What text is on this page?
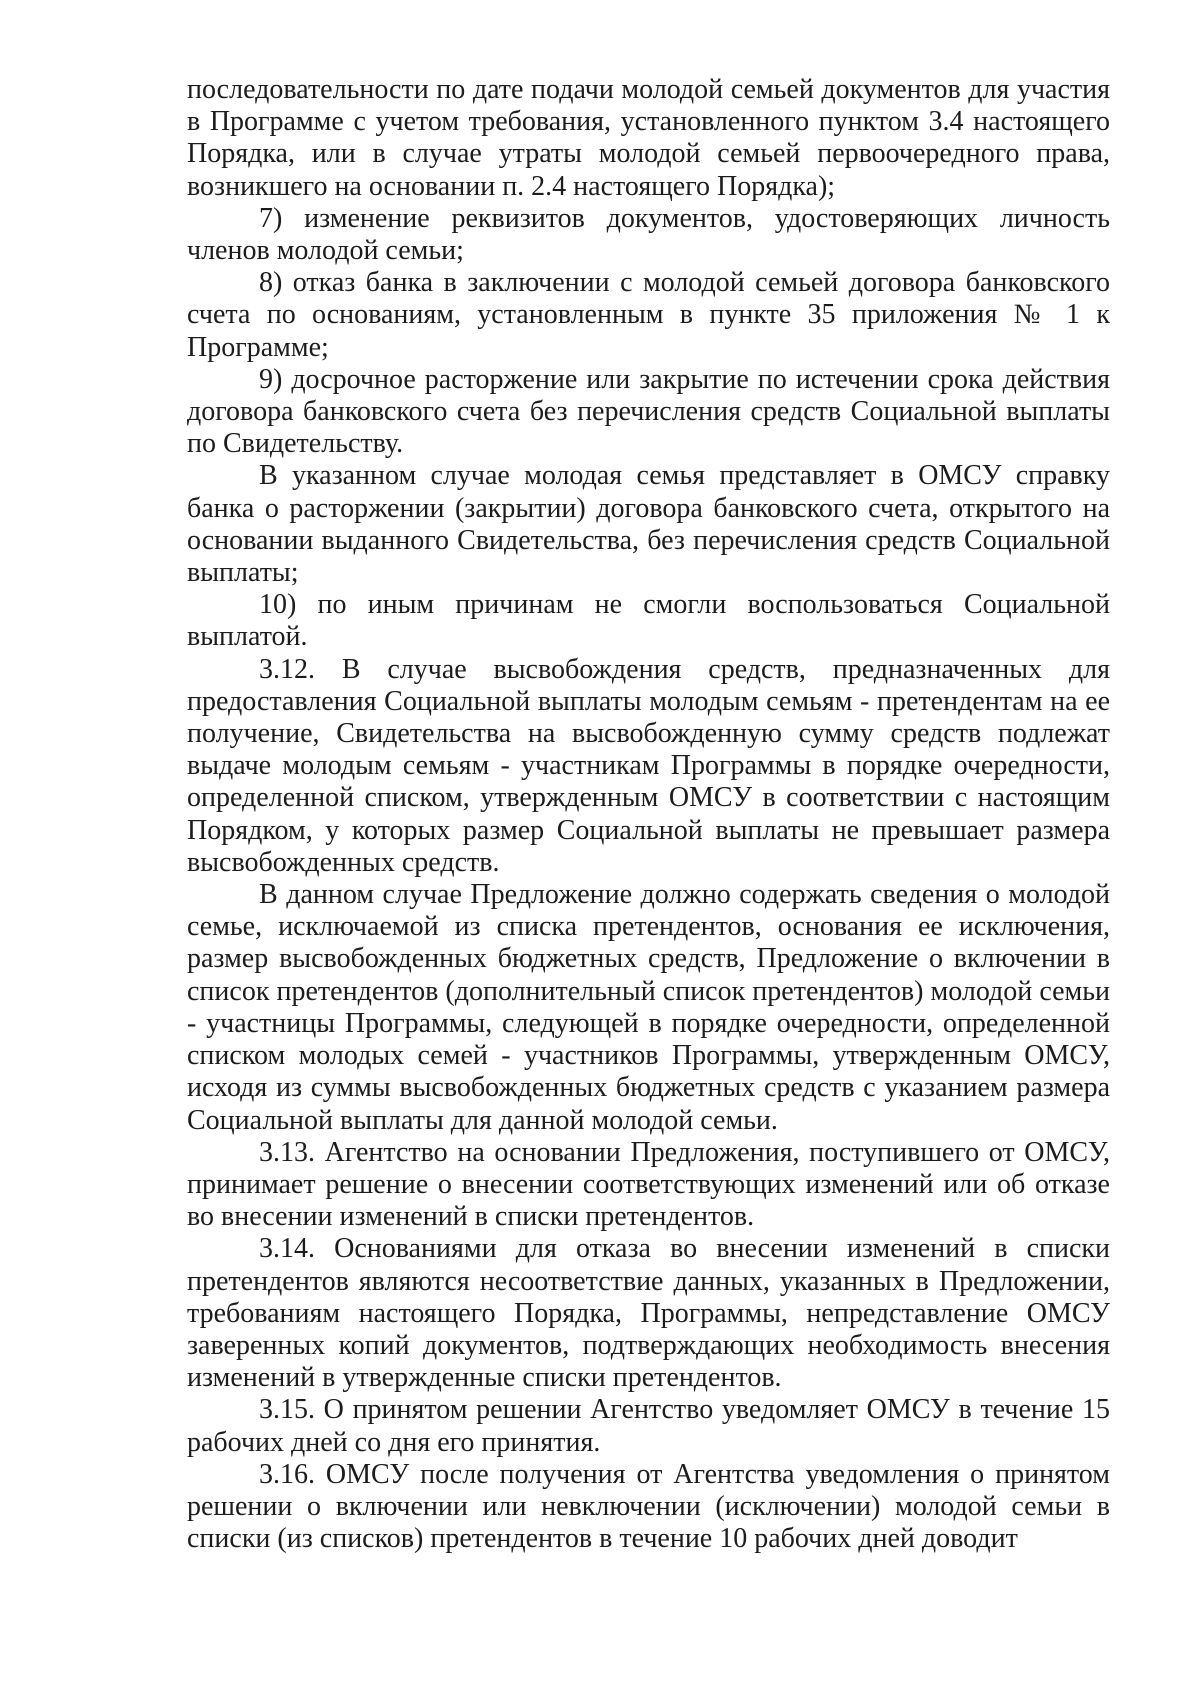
последовательности по дате подачи молодой семьей документов для участия в Программе с учетом требования, установленного пунктом 3.4 настоящего Порядка, или в случае утраты молодой семьей первоочередного права, возникшего на основании п. 2.4 настоящего Порядка);

7) изменение реквизитов документов, удостоверяющих личность членов молодой семьи;

8) отказ банка в заключении с молодой семьей договора банковского счета по основаниям, установленным в пункте 35 приложения № 1 к Программе;

9) досрочное расторжение или закрытие по истечении срока действия договора банковского счета без перечисления средств Социальной выплаты по Свидетельству.

В указанном случае молодая семья представляет в ОМСУ справку банка о расторжении (закрытии) договора банковского счета, открытого на основании выданного Свидетельства, без перечисления средств Социальной выплаты;

10) по иным причинам не смогли воспользоваться Социальной выплатой.

3.12. В случае высвобождения средств, предназначенных для предоставления Социальной выплаты молодым семьям - претендентам на ее получение, Свидетельства на высвобожденную сумму средств подлежат выдаче молодым семьям - участникам Программы в порядке очередности, определенной списком, утвержденным ОМСУ в соответствии с настоящим Порядком, у которых размер Социальной выплаты не превышает размера высвобожденных средств.

В данном случае Предложение должно содержать сведения о молодой семье, исключаемой из списка претендентов, основания ее исключения, размер высвобожденных бюджетных средств, Предложение о включении в список претендентов (дополнительный список претендентов) молодой семьи - участницы Программы, следующей в порядке очередности, определенной списком молодых семей - участников Программы, утвержденным ОМСУ, исходя из суммы высвобожденных бюджетных средств с указанием размера Социальной выплаты для данной молодой семьи.

3.13. Агентство на основании Предложения, поступившего от ОМСУ, принимает решение о внесении соответствующих изменений или об отказе во внесении изменений в списки претендентов.

3.14. Основаниями для отказа во внесении изменений в списки претендентов являются несоответствие данных, указанных в Предложении, требованиям настоящего Порядка, Программы, непредставление ОМСУ заверенных копий документов, подтверждающих необходимость внесения изменений в утвержденные списки претендентов.

3.15. О принятом решении Агентство уведомляет ОМСУ в течение 15 рабочих дней со дня его принятия.

3.16. ОМСУ после получения от Агентства уведомления о принятом решении о включении или невключении (исключении) молодой семьи в списки (из списков) претендентов в течение 10 рабочих дней доводит
